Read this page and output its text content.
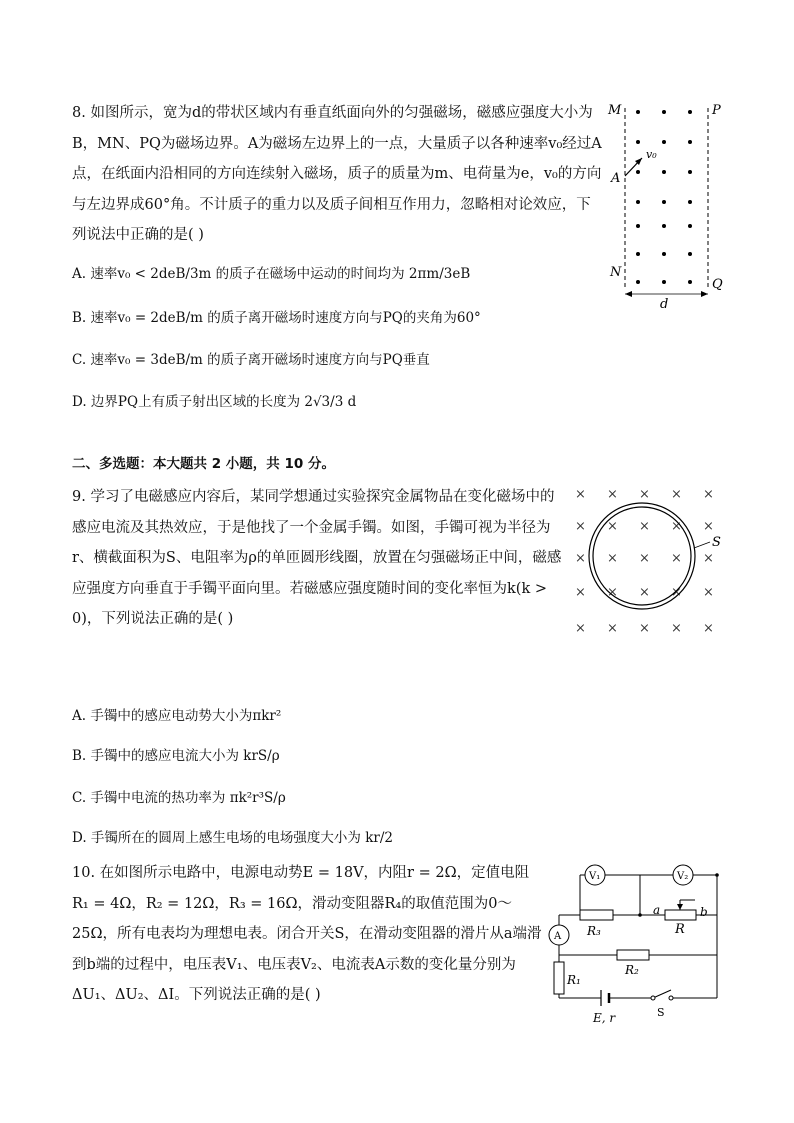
8. 如图所示，宽为d的带状区域内有垂直纸面向外的匀强磁场，磁感应强度大小为B，MN、PQ为磁场边界。A为磁场左边界上的一点，大量质子以各种速率v₀经过A点，在纸面内沿相同的方向连续射入磁场，质子的质量为m、电荷量为e，v₀的方向与左边界成60°角。不计质子的重力以及质子间相互作用力，忽略相对论效应，下列说法中正确的是( )
A. 速率v₀ < 2deB/3m 的质子在磁场中运动的时间均为 2πm/3eB
B. 速率v₀ = 2deB/m 的质子离开磁场时速度方向与PQ的夹角为60°
C. 速率v₀ = 3deB/m 的质子离开磁场时速度方向与PQ垂直
D. 边界PQ上有质子射出区域的长度为 2√3/3 d
M	P
N
Q
A
v₀
d
二、多选题：本大题共 2 小题，共 10 分。
9. 学习了电磁感应内容后，某同学想通过实验探究金属物品在变化磁场中的感应电流及其热效应，于是他找了一个金属手镯。如图，手镯可视为半径为r、横截面积为S、电阻率为ρ的单匝圆形线圈，放置在匀强磁场正中间，磁感应强度方向垂直于手镯平面向里。若磁感应强度随时间的变化率恒为k(k > 0)，下列说法正确的是( )
A. 手镯中的感应电动势大小为πkr²
B. 手镯中的感应电流大小为 krS/ρ
C. 手镯中电流的热功率为 πk²r³S/ρ
D. 手镯所在的圆周上感生电场的电场强度大小为 kr/2
× × × × ×
× × × × ×
× × × × ×
× × × × ×
× × × × ×
S
10. 在如图所示电路中，电源电动势E = 18V，内阻r = 2Ω，定值电阻R₁ = 4Ω，R₂ = 12Ω，R₃ = 16Ω，滑动变阻器R₄的取值范围为0～25Ω，所有电表均为理想电表。闭合开关S，在滑动变阻器的滑片从a端滑到b端的过程中，电压表V₁、电压表V₂、电流表A示数的变化量分别为ΔU₁、ΔU₂、ΔI。下列说法正确的是( )
V₁	V₂
a	b
R₃	R
A
R₂
R₁
E, r	S
